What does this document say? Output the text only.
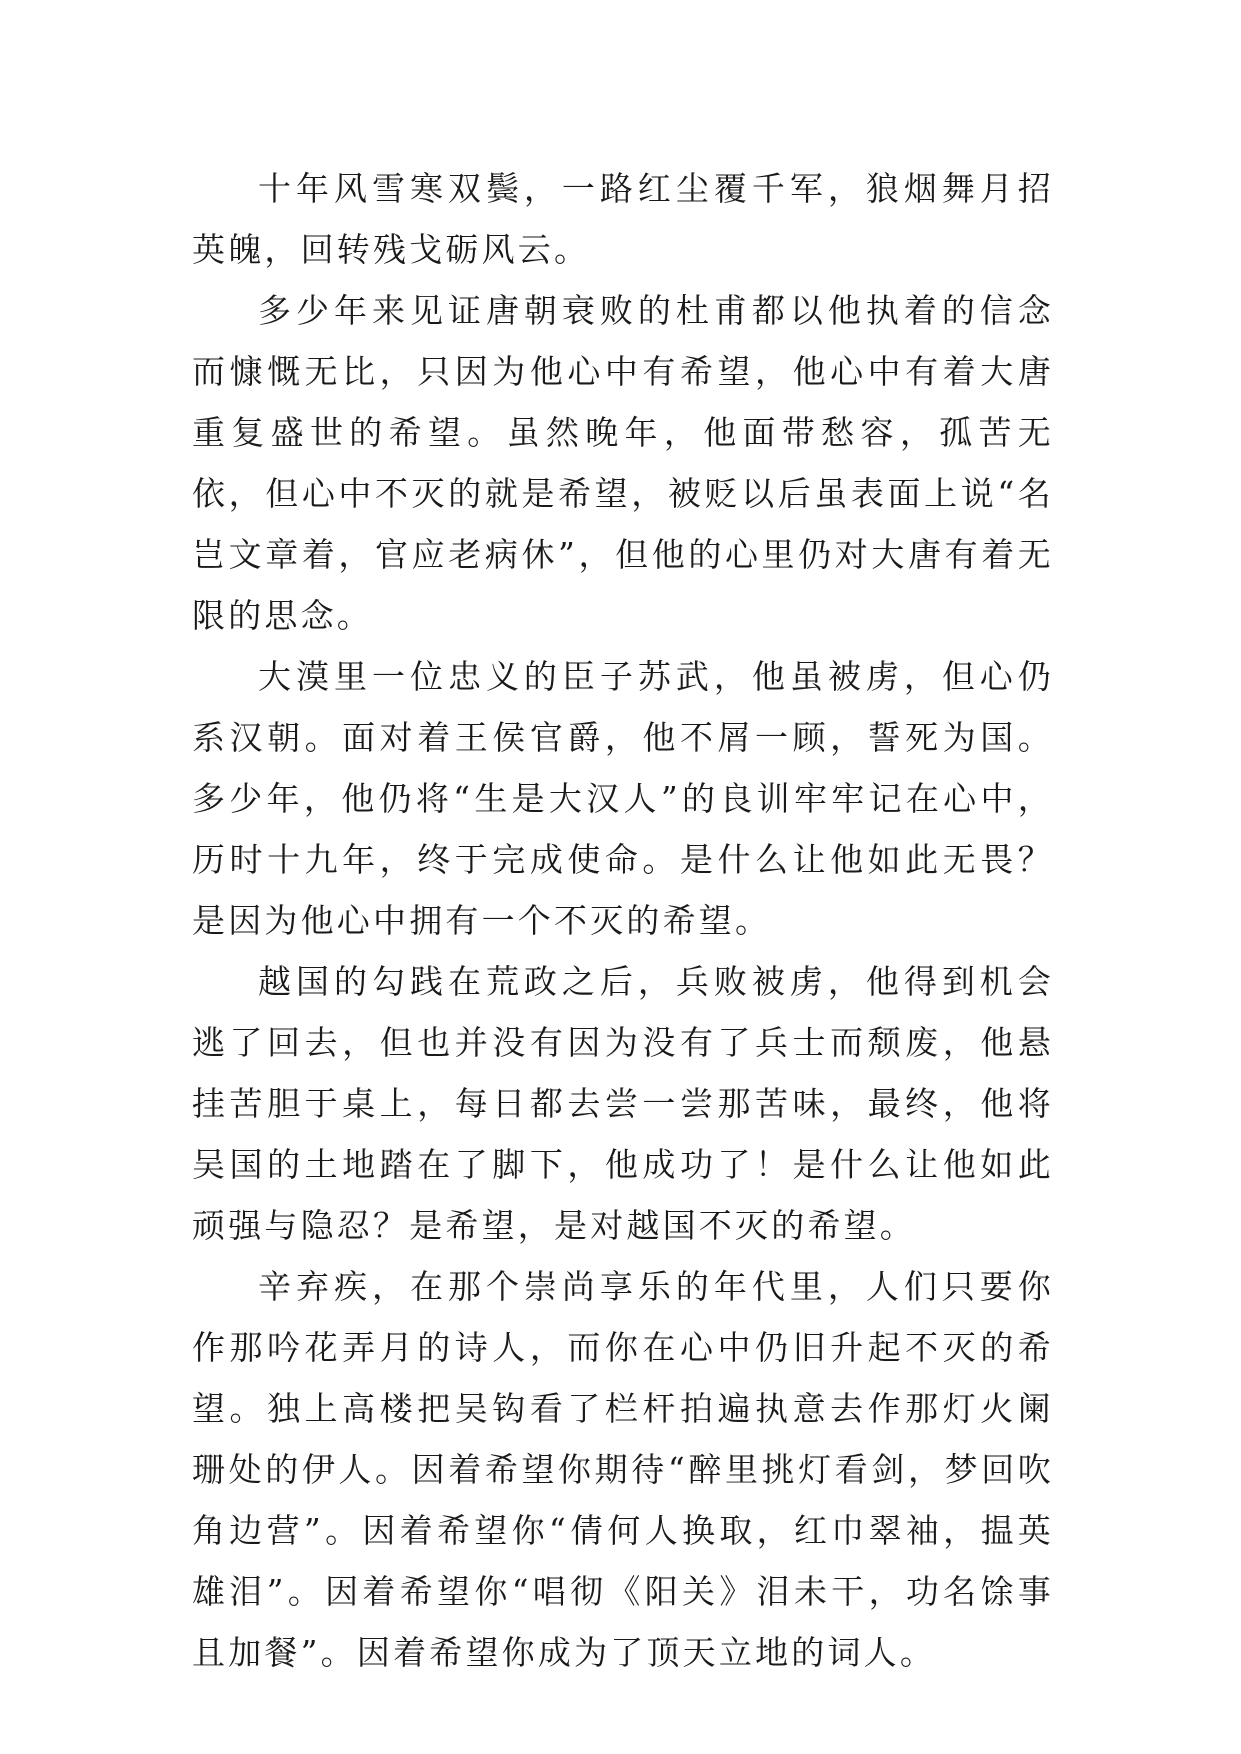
十年风雪寒双鬓，一路红尘覆千军，狼烟舞月招英魄，回转残戈砺风云。

多少年来见证唐朝衰败的杜甫都以他执着的信念而慷慨无比，只因为他心中有希望，他心中有着大唐重复盛世的希望。虽然晚年，他面带愁容，孤苦无依，但心中不灭的就是希望，被贬以后虽表面上说“名岂文章着，官应老病休”，但他的心里仍对大唐有着无限的思念。

大漠里一位忠义的臣子苏武，他虽被虏，但心仍系汉朝。面对着王侯官爵，他不屑一顾，誓死为国。多少年，他仍将“生是大汉人”的良训牢牢记在心中，历时十九年，终于完成使命。是什么让他如此无畏？是因为他心中拥有一个不灭的希望。

越国的勾践在荒政之后，兵败被虏，他得到机会逃了回去，但也并没有因为没有了兵士而颓废，他悬挂苦胆于桌上，每日都去尝一尝那苦味，最终，他将吴国的土地踏在了脚下，他成功了！是什么让他如此顽强与隐忍？是希望，是对越国不灭的希望。

辛弃疾，在那个崇尚享乐的年代里，人们只要你作那吟花弄月的诗人，而你在心中仍旧升起不灭的希望。独上高楼把吴钩看了栏杆拍遍执意去作那灯火阑珊处的伊人。因着希望你期待“醉里挑灯看剑，梦回吹角边营”。因着希望你“倩何人换取，红巾翠袖，揾英雄泪”。因着希望你“唱彻《阳关》泪未干，功名馀事且加餐”。因着希望你成为了顶天立地的词人。
